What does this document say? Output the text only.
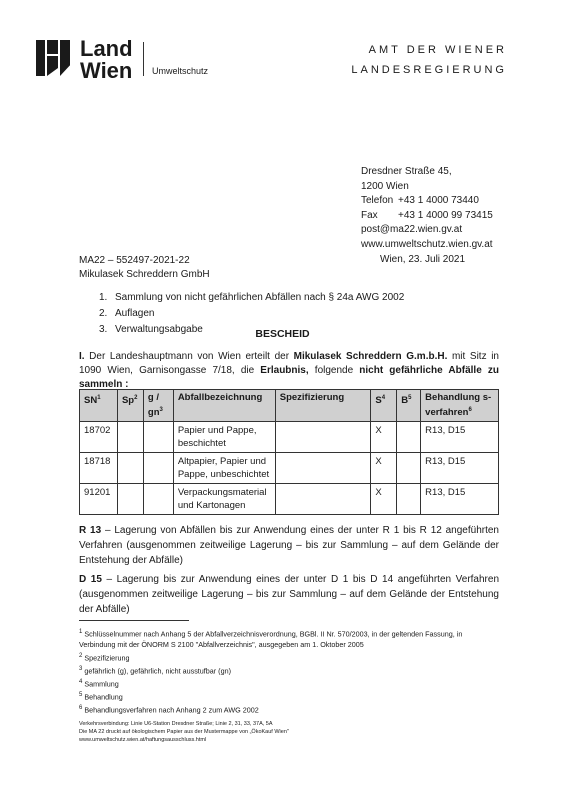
Land
Wien Umweltschutz
AMT DER WIENER
LANDESREGIERUNG
Dresdner Straße 45,
1200 Wien
Telefon +43 1 4000 73440
Fax +43 1 4000 99 73415
post@ma22.wien.gv.at
www.umweltschutz.wien.gv.at
MA22 – 552497-2021-22
Mikulasek Schreddern GmbH
Wien, 23. Juli 2021
1. Sammlung von nicht gefährlichen Abfällen nach § 24a AWG 2002
2. Auflagen
3. Verwaltungsabgabe	BESCHEID
I. Der Landeshauptmann von Wien erteilt der Mikulasek Schreddern G.m.b.H. mit Sitz in 1090 Wien, Garnisongasse 7/18, die Erlaubnis, folgende nicht gefährliche Abfälle zu sammeln :
$SN^1$	Sp$^2$	g / $gn^3$	Abfallbezeichnung	Spezifizierung	$S^4$	$B^5$	Behandlung s-verfahren$^6$
18702			Papier und Pappe, beschichtet		X		R13, D15
18718			Altpapier, Papier und Pappe, unbeschichtet		X		R13, D15
91201			Verpackungsmaterial und Kartonagen		X		R13, D15
R 13 – Lagerung von Abfällen bis zur Anwendung eines der unter R 1 bis R 12 angeführten Verfahren (ausgenommen zeitweilige Lagerung – bis zur Sammlung – auf dem Gelände der Entstehung der Abfälle)
D 15 – Lagerung bis zur Anwendung eines der unter D 1 bis D 14 angeführten Verfahren (ausgenommen zeitweilige Lagerung – bis zur Sammlung – auf dem Gelände der Entstehung der Abfälle)
$^1$ Schlüsselnummer nach Anhang 5 der Abfallverzeichnisverordnung, BGBl. II Nr. 570/2003, in der geltenden Fassung, in Verbindung mit der ÖNORM S 2100 "Abfallverzeichnis", ausgegeben am 1. Oktober 2005
$^2$ Spezifizierung
$^3$ gefährlich (g), gefährlich, nicht ausstufbar (gn)
$^4$ Sammlung
$^5$ Behandlung
$^6$ Behandlungsverfahren nach Anhang 2 zum AWG 2002
Verkehrsverbindung: Linie U6-Station Dresdner Straße; Linie 2, 31, 33, 37A, 5A
Die MA 22 druckt auf ökologischem Papier aus der Mustermappe von „ÖkoKauf Wien"
www.umweltschutz.wien.at/haftungsausschluss.html
